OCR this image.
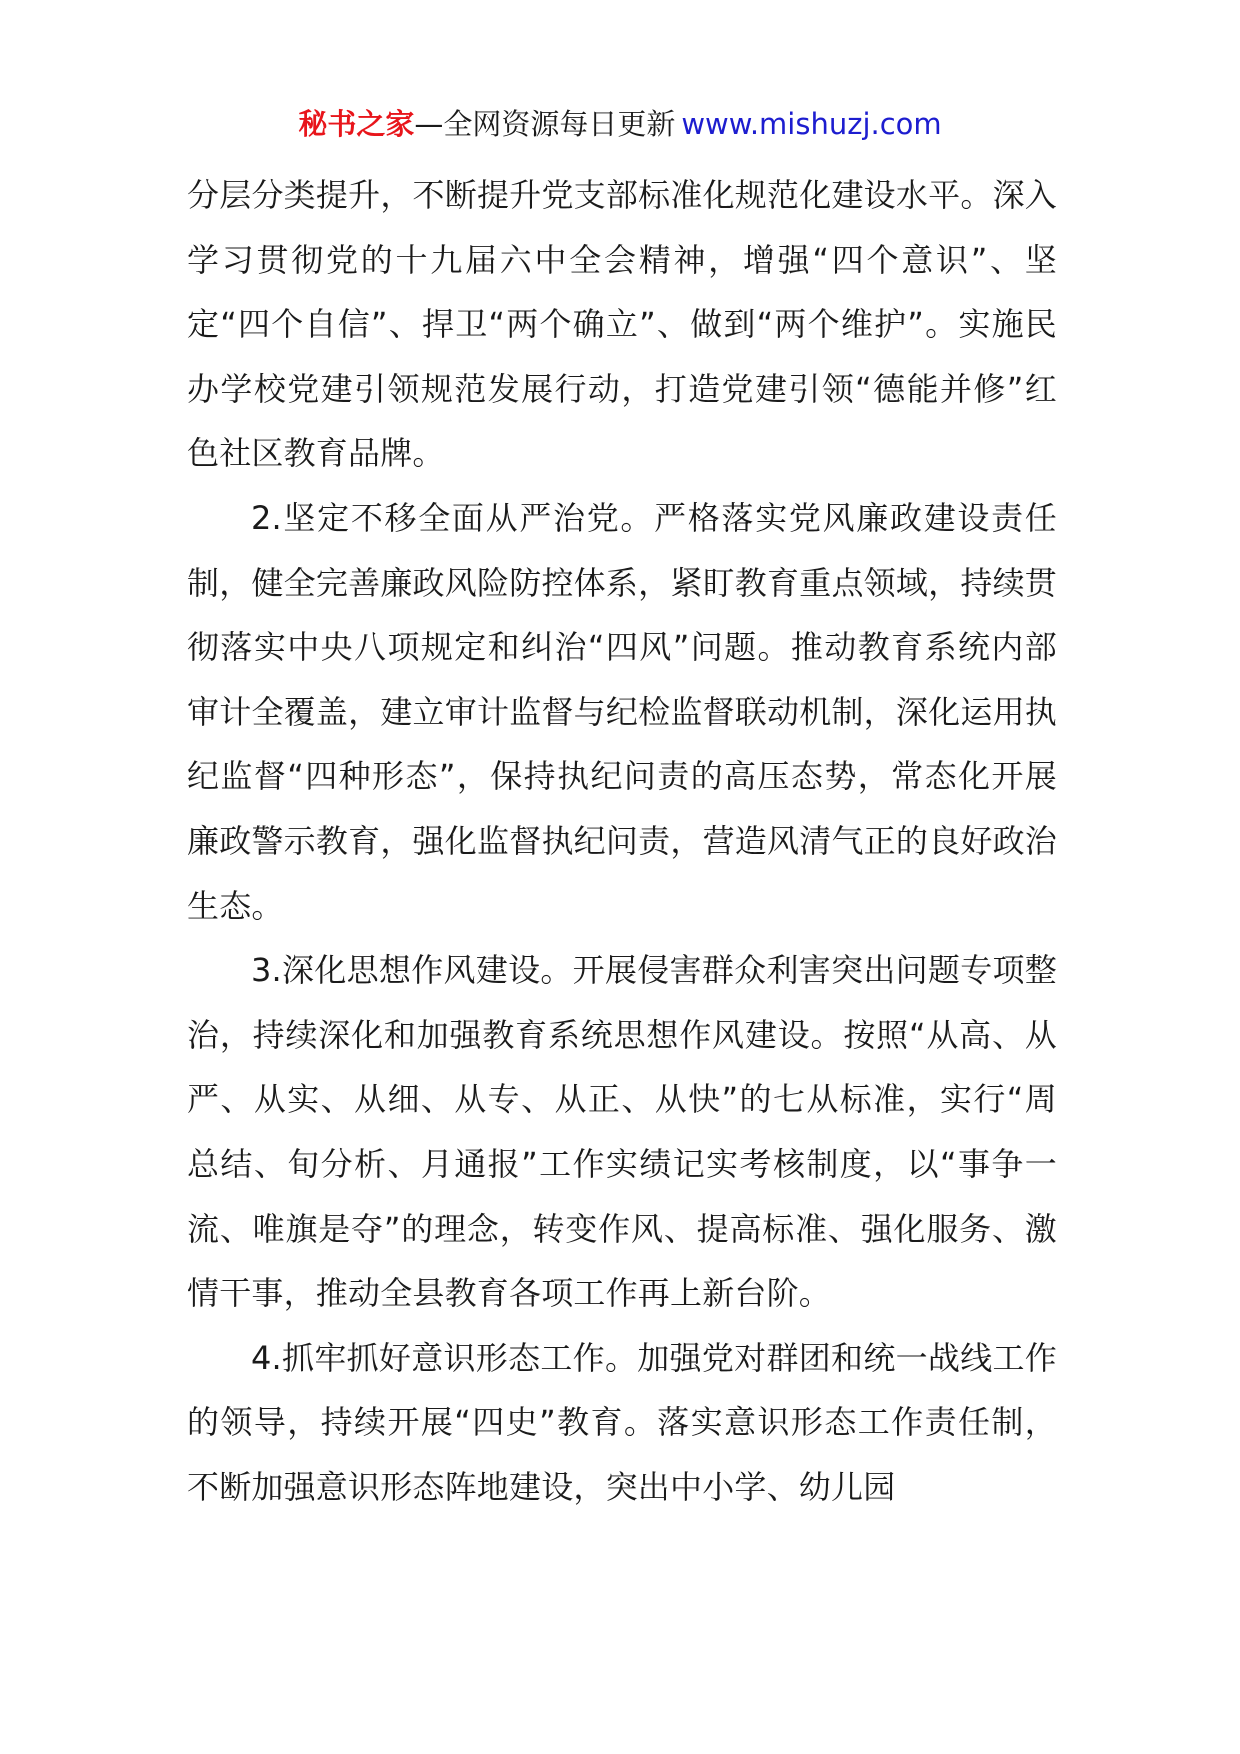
秘书之家—全网资源每日更新 www.mishuzj.com

分层分类提升，不断提升党支部标准化规范化建设水平。深入学习贯彻党的十九届六中全会精神，增强“四个意识”、坚定“四个自信”、捍卫“两个确立”、做到“两个维护”。实施民办学校党建引领规范发展行动，打造党建引领“德能并修”红色社区教育品牌。

2.坚定不移全面从严治党。严格落实党风廉政建设责任制，健全完善廉政风险防控体系，紧盯教育重点领域，持续贯彻落实中央八项规定和纠治“四风”问题。推动教育系统内部审计全覆盖，建立审计监督与纪检监督联动机制，深化运用执纪监督“四种形态”，保持执纪问责的高压态势，常态化开展廉政警示教育，强化监督执纪问责，营造风清气正的良好政治生态。

3.深化思想作风建设。开展侵害群众利害突出问题专项整治，持续深化和加强教育系统思想作风建设。按照“从高、从严、从实、从细、从专、从正、从快”的七从标准，实行“周总结、旬分析、月通报”工作实绩记实考核制度，以“事争一流、唯旗是夺”的理念，转变作风、提高标准、强化服务、激情干事，推动全县教育各项工作再上新台阶。

4.抓牢抓好意识形态工作。加强党对群团和统一战线工作的领导，持续开展“四史”教育。落实意识形态工作责任制，不断加强意识形态阵地建设，突出中小学、幼儿园
